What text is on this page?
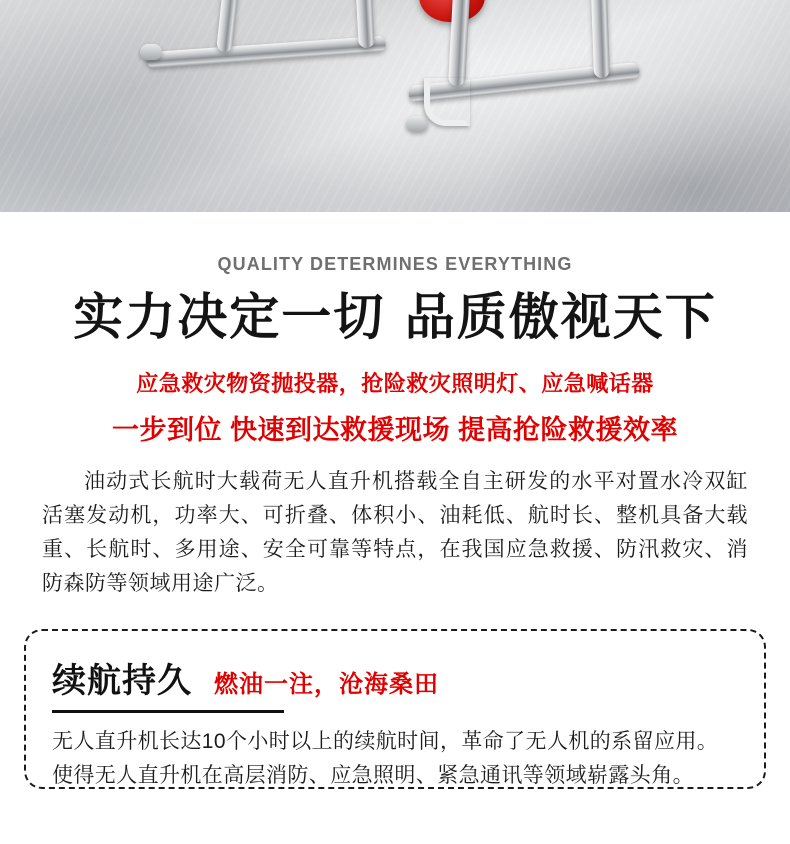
QUALITY DETERMINES EVERYTHING
实力决定一切 品质傲视天下
应急救灾物资抛投器，抢险救灾照明灯、应急喊话器
一步到位 快速到达救援现场 提高抢险救援效率
油动式长航时大载荷无人直升机搭载全自主研发的水平对置水冷双缸活塞发动机，功率大、可折叠、体积小、油耗低、航时长、整机具备大载重、长航时、多用途、安全可靠等特点，在我国应急救援、防汛救灾、消防森防等领域用途广泛。
续航持久 燃油一注，沧海桑田
无人直升机长达10个小时以上的续航时间，革命了无人机的系留应用。使得无人直升机在高层消防、应急照明、紧急通讯等领域崭露头角。
